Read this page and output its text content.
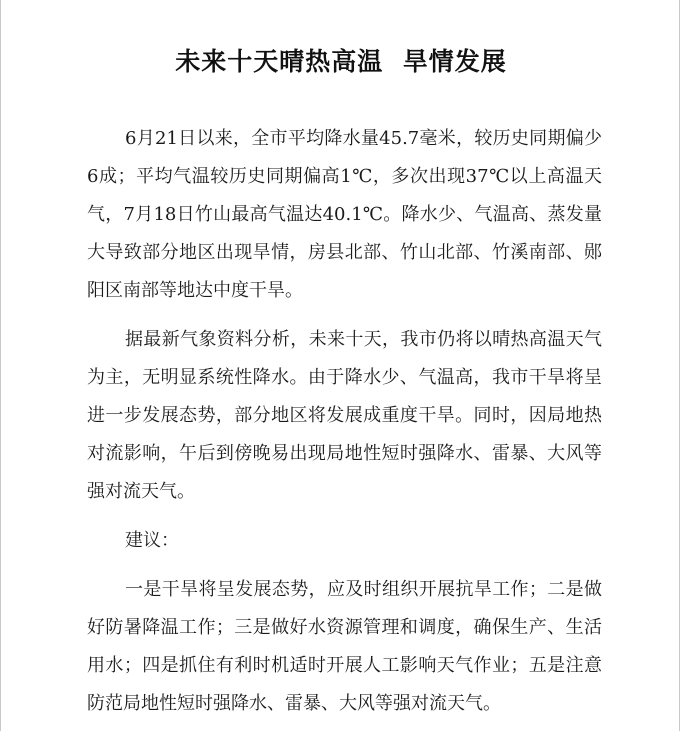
未来十天晴热高温  旱情发展

6月21日以来，全市平均降水量45.7毫米，较历史同期偏少6成；平均气温较历史同期偏高1℃，多次出现37℃以上高温天气，7月18日竹山最高气温达40.1℃。降水少、气温高、蒸发量大导致部分地区出现旱情，房县北部、竹山北部、竹溪南部、郧阳区南部等地达中度干旱。

据最新气象资料分析，未来十天，我市仍将以晴热高温天气为主，无明显系统性降水。由于降水少、气温高，我市干旱将呈进一步发展态势，部分地区将发展成重度干旱。同时，因局地热对流影响，午后到傍晚易出现局地性短时强降水、雷暴、大风等强对流天气。

建议：

一是干旱将呈发展态势，应及时组织开展抗旱工作；二是做好防暑降温工作；三是做好水资源管理和调度，确保生产、生活用水；四是抓住有利时机适时开展人工影响天气作业；五是注意防范局地性短时强降水、雷暴、大风等强对流天气。
